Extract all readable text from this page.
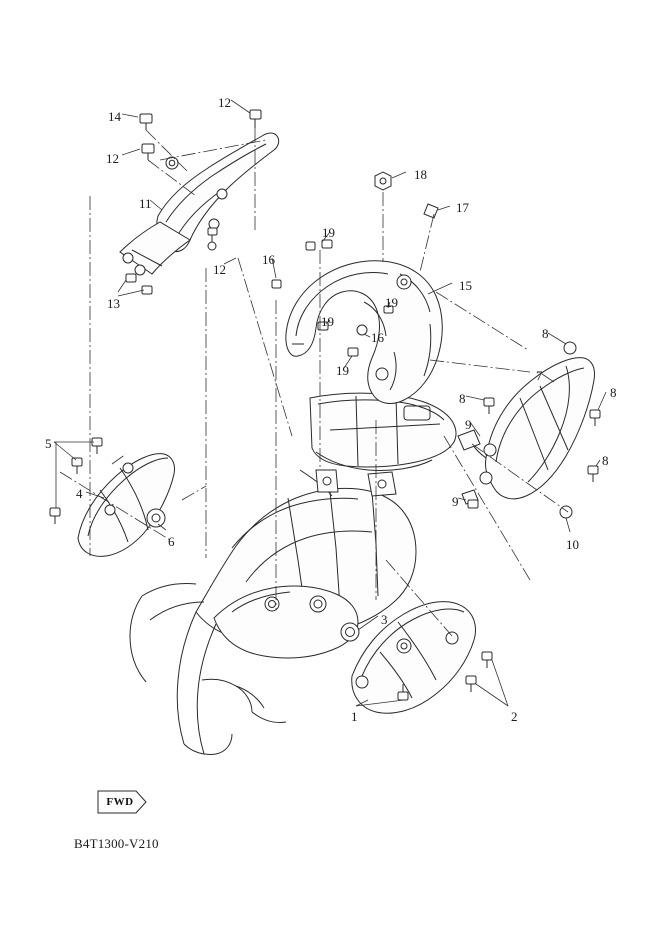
FWD
B4T1300-V210
14
12
12
11
13
12
16
19
18
17
15
19
19
16
19
8
7
8
8
9
8
9
10
5
4
6
3
1	2
